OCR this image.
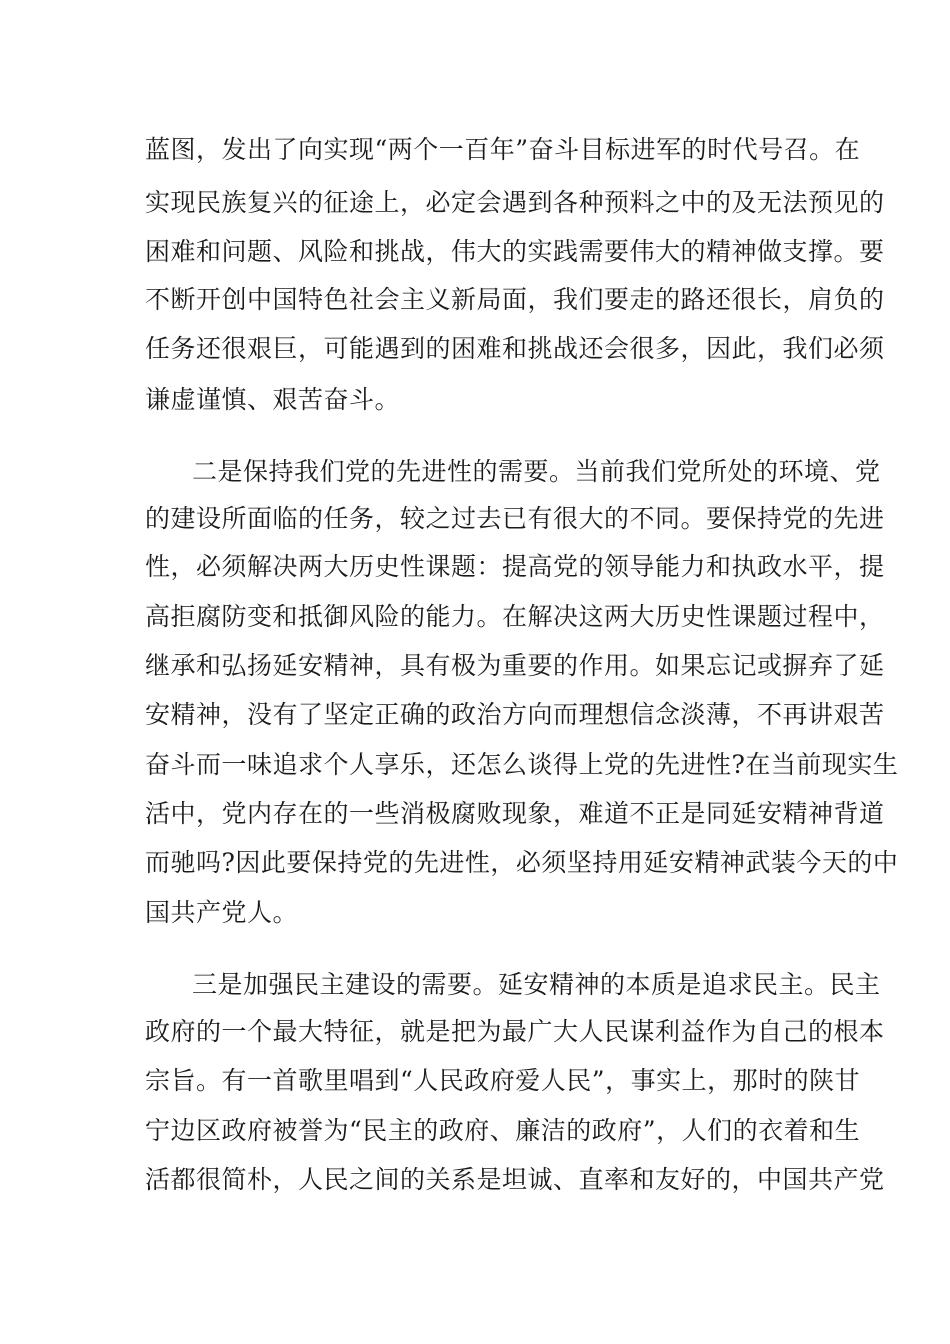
蓝图，发出了向实现“两个一百年”奋斗目标进军的时代号召。在
实现民族复兴的征途上，必定会遇到各种预料之中的及无法预见的
困难和问题、风险和挑战，伟大的实践需要伟大的精神做支撑。要
不断开创中国特色社会主义新局面，我们要走的路还很长，肩负的
任务还很艰巨，可能遇到的困难和挑战还会很多，因此，我们必须
谦虚谨慎、艰苦奋斗。
二是保持我们党的先进性的需要。当前我们党所处的环境、党
的建设所面临的任务，较之过去已有很大的不同。要保持党的先进
性，必须解决两大历史性课题：提高党的领导能力和执政水平，提
高拒腐防变和抵御风险的能力。在解决这两大历史性课题过程中，
继承和弘扬延安精神，具有极为重要的作用。如果忘记或摒弃了延
安精神，没有了坚定正确的政治方向而理想信念淡薄，不再讲艰苦
奋斗而一味追求个人享乐，还怎么谈得上党的先进性?在当前现实生
活中，党内存在的一些消极腐败现象，难道不正是同延安精神背道
而驰吗?因此要保持党的先进性，必须坚持用延安精神武装今天的中
国共产党人。
三是加强民主建设的需要。延安精神的本质是追求民主。民主
政府的一个最大特征，就是把为最广大人民谋利益作为自己的根本
宗旨。有一首歌里唱到“人民政府爱人民”，事实上，那时的陕甘
宁边区政府被誉为“民主的政府、廉洁的政府”，人们的衣着和生
活都很简朴，人民之间的关系是坦诚、直率和友好的，中国共产党
